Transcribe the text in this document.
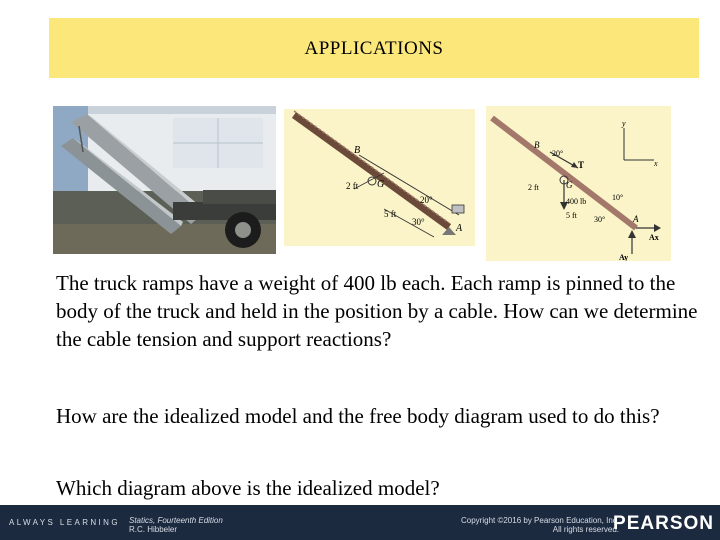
APPLICATIONS
B
G
A
20°
2 ft
5 ft
30°
y
x
B
20°
T
G
2 ft
10°
400 lb
5 ft 30°	A
Ax
Ay
The truck ramps have a weight of 400 lb each. Each ramp is pinned to the body of the truck and held in the position by a cable. How can we determine the cable tension and support reactions?
How are the idealized model and the free body diagram used to do this?
Which diagram above is the idealized model?
ALWAYS LEARNING Statics, Fourteenth Edition
R.C. Hibbeler
Copyright ©2016 by Pearson Education, Inc.
All rights reserved.
PEARSON
